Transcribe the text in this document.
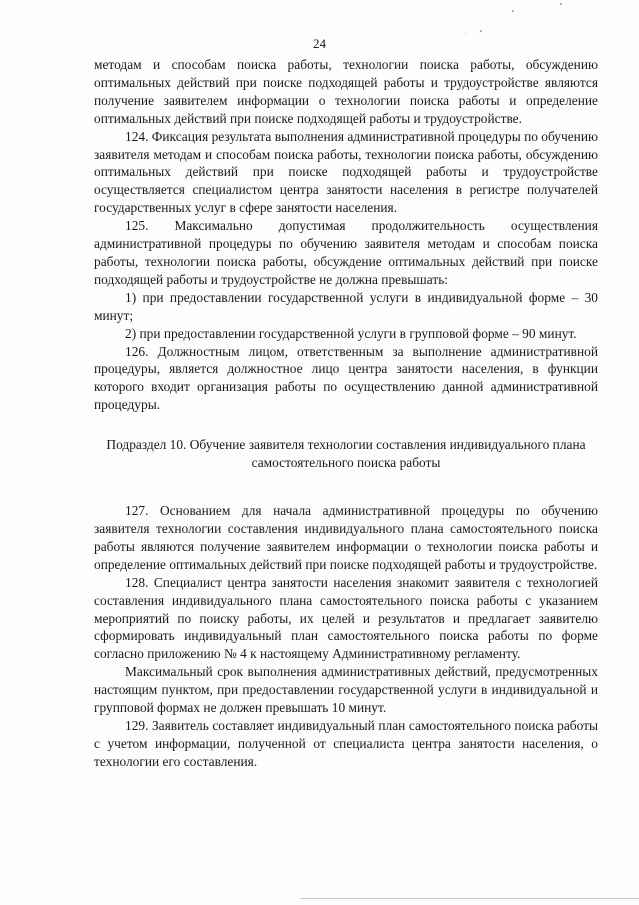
24

методам и способам поиска работы, технологии поиска работы, обсуждению оптимальных действий при поиске подходящей работы и трудоустройстве являются получение заявителем информации о технологии поиска работы и определение оптимальных действий при поиске подходящей работы и трудоустройстве.

124. Фиксация результата выполнения административной процедуры по обучению заявителя методам и способам поиска работы, технологии поиска работы, обсуждению оптимальных действий при поиске подходящей работы и трудоустройстве осуществляется специалистом центра занятости населения в регистре получателей государственных услуг в сфере занятости населения.

125. Максимально допустимая продолжительность осуществления административной процедуры по обучению заявителя методам и способам поиска работы, технологии поиска работы, обсуждение оптимальных действий при поиске подходящей работы и трудоустройстве не должна превышать:

1) при предоставлении государственной услуги в индивидуальной форме – 30 минут;

2) при предоставлении государственной услуги в групповой форме – 90 минут.

126. Должностным лицом, ответственным за выполнение административной процедуры, является должностное лицо центра занятости населения, в функции которого входит организация работы по осуществлению данной административной процедуры.

Подраздел 10. Обучение заявителя технологии составления индивидуального плана самостоятельного поиска работы

127. Основанием для начала административной процедуры по обучению заявителя технологии составления индивидуального плана самостоятельного поиска работы являются получение заявителем информации о технологии поиска работы и определение оптимальных действий при поиске подходящей работы и трудоустройстве.

128. Специалист центра занятости населения знакомит заявителя с технологией составления индивидуального плана самостоятельного поиска работы с указанием мероприятий по поиску работы, их целей и результатов и предлагает заявителю сформировать индивидуальный план самостоятельного поиска работы по форме согласно приложению № 4 к настоящему Административному регламенту.

Максимальный срок выполнения административных действий, предусмотренных настоящим пунктом, при предоставлении государственной услуги в индивидуальной и групповой формах не должен превышать 10 минут.

129. Заявитель составляет индивидуальный план самостоятельного поиска работы с учетом информации, полученной от специалиста центра занятости населения, о технологии его составления.
